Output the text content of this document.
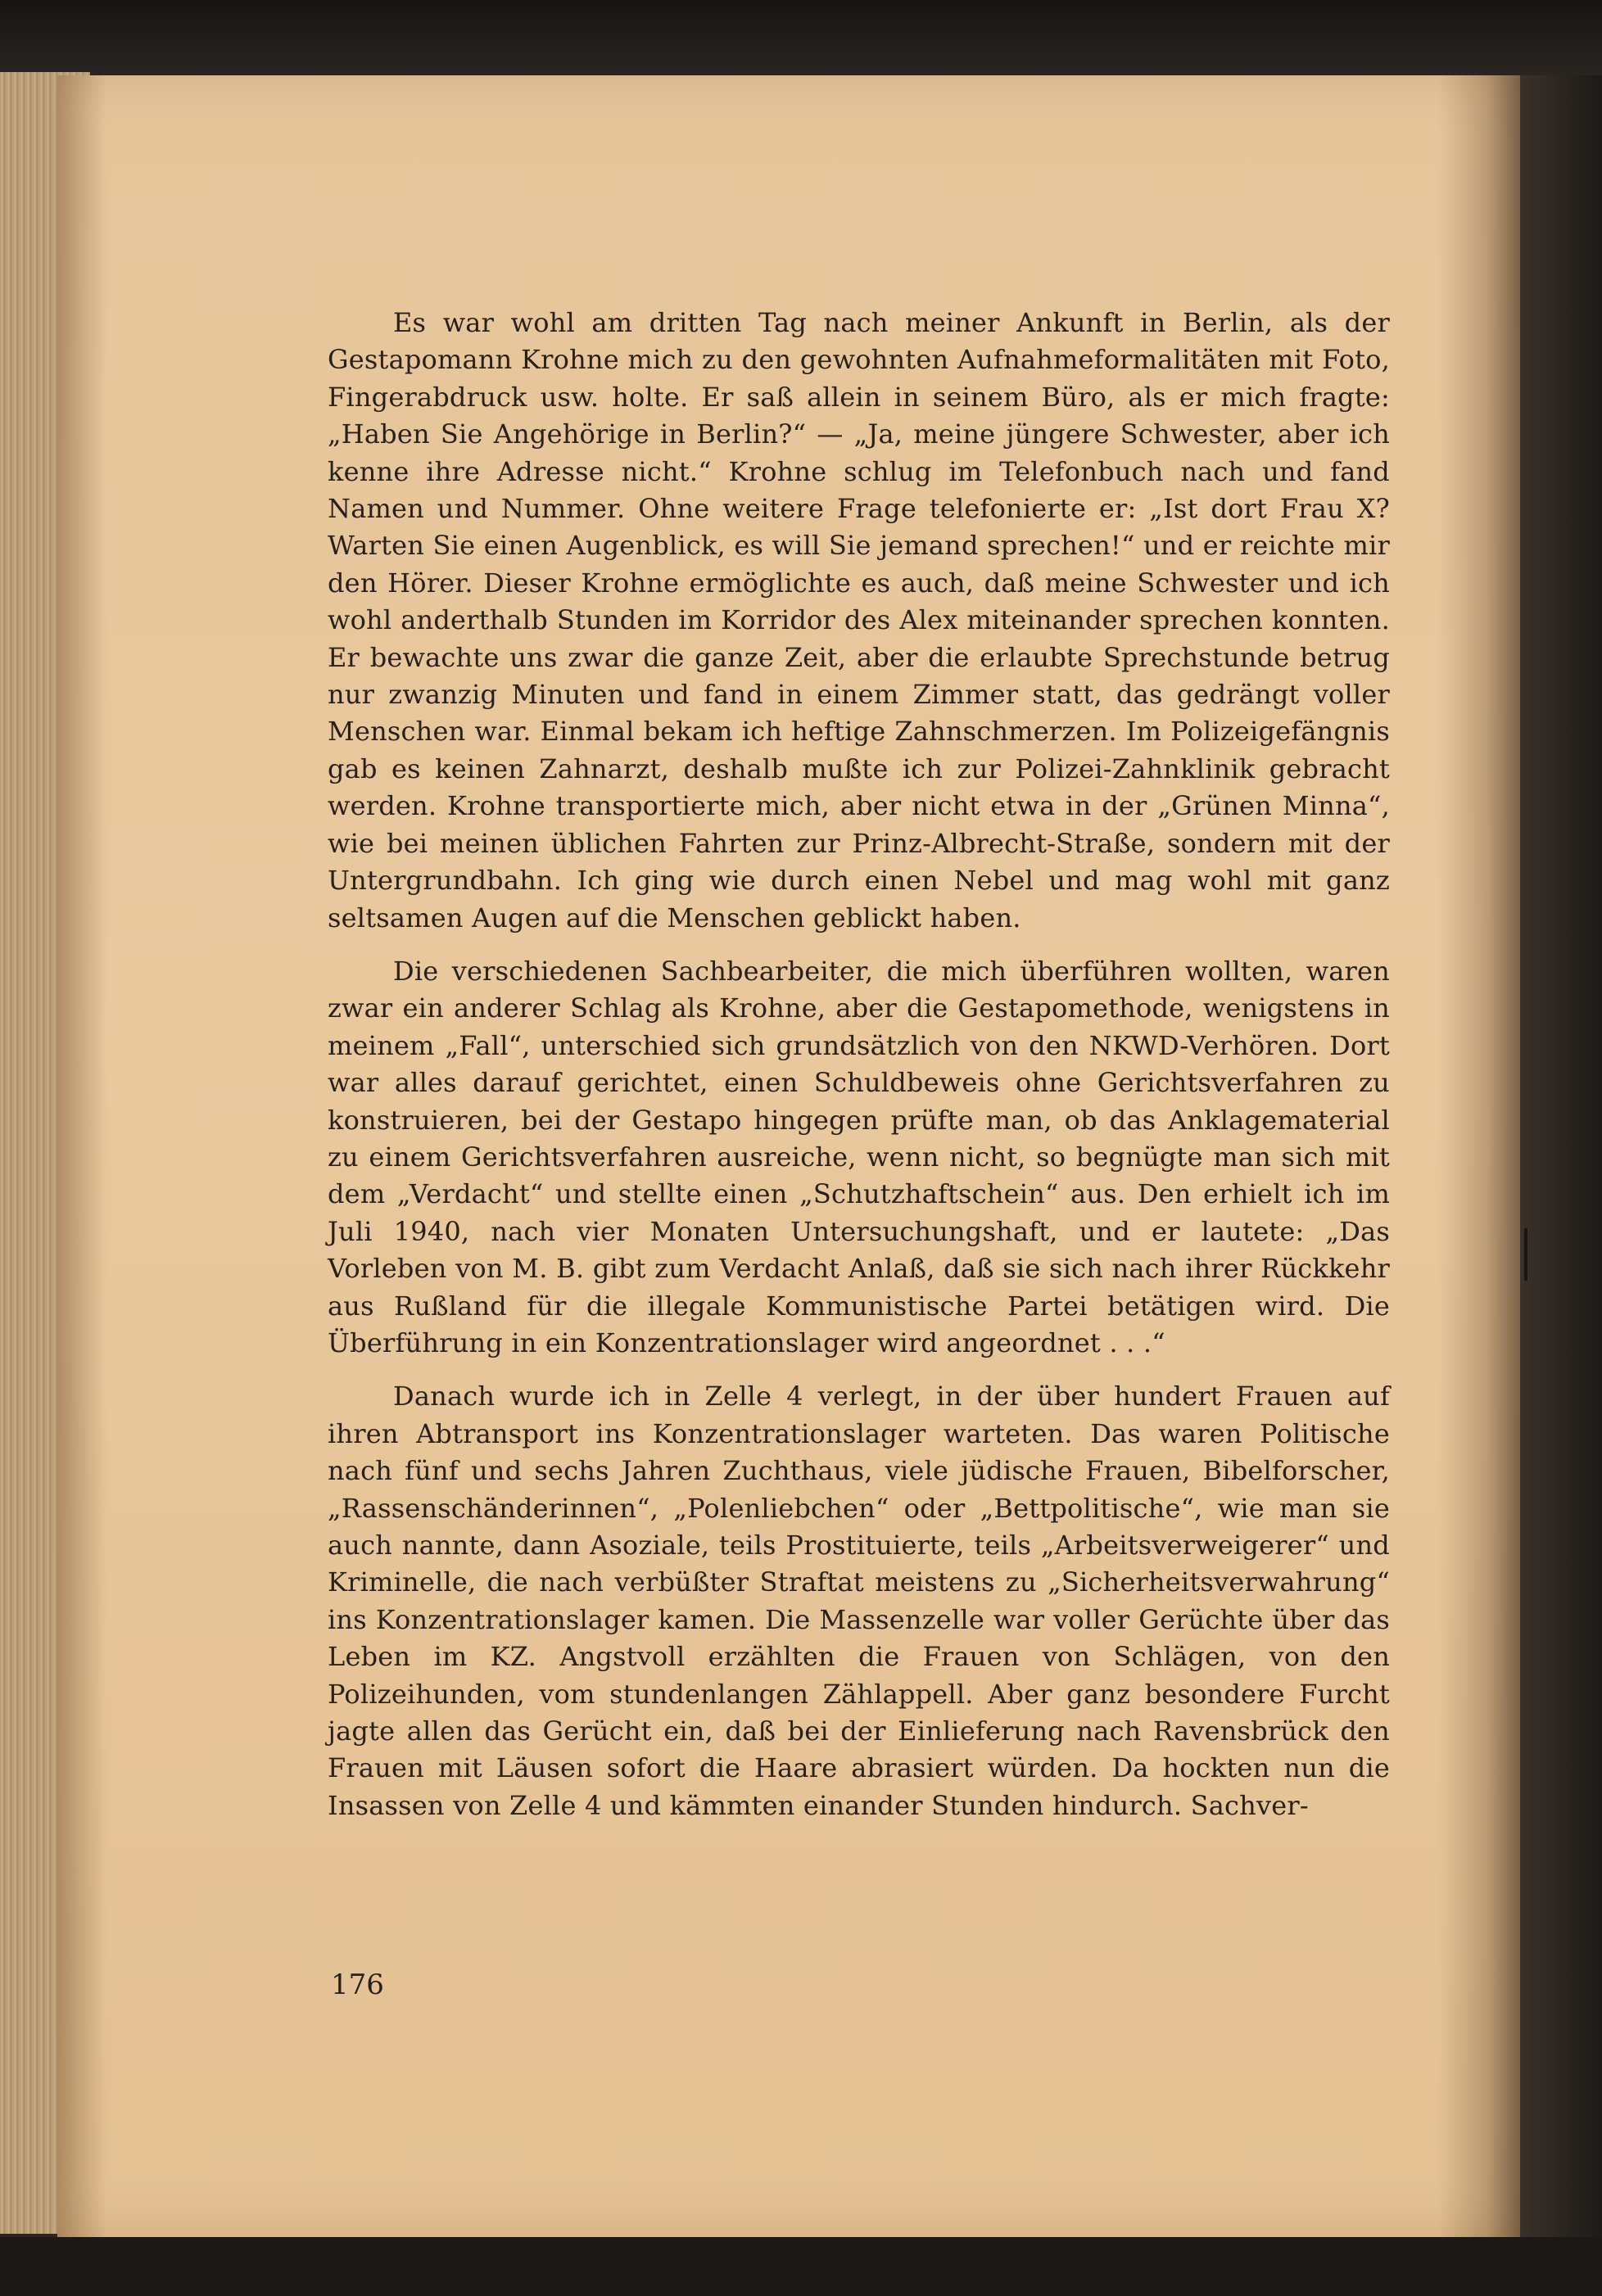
Es war wohl am dritten Tag nach meiner Ankunft in Berlin, als der Gestapomann Krohne mich zu den gewohnten Aufnahmeformalitäten mit Foto, Fingerabdruck usw. holte. Er saß allein in seinem Büro, als er mich fragte: „Haben Sie Angehörige in Berlin?“ — „Ja, meine jüngere Schwester, aber ich kenne ihre Adresse nicht.“ Krohne schlug im Telefonbuch nach und fand Namen und Nummer. Ohne weitere Frage telefonierte er: „Ist dort Frau X? Warten Sie einen Augenblick, es will Sie jemand sprechen!“ und er reichte mir den Hörer. Dieser Krohne ermöglichte es auch, daß meine Schwester und ich wohl anderthalb Stunden im Korridor des Alex miteinander sprechen konnten. Er bewachte uns zwar die ganze Zeit, aber die erlaubte Sprechstunde betrug nur zwanzig Minuten und fand in einem Zimmer statt, das gedrängt voller Menschen war. Einmal bekam ich heftige Zahnschmerzen. Im Polizeigefängnis gab es keinen Zahnarzt, deshalb mußte ich zur Polizei-Zahnklinik gebracht werden. Krohne transportierte mich, aber nicht etwa in der „Grünen Minna“, wie bei meinen üblichen Fahrten zur Prinz-Albrecht-Straße, sondern mit der Untergrundbahn. Ich ging wie durch einen Nebel und mag wohl mit ganz seltsamen Augen auf die Menschen geblickt haben.

Die verschiedenen Sachbearbeiter, die mich überführen wollten, waren zwar ein anderer Schlag als Krohne, aber die Gestapomethode, wenigstens in meinem „Fall“, unterschied sich grundsätzlich von den NKWD-Verhören. Dort war alles darauf gerichtet, einen Schuldbeweis ohne Gerichtsverfahren zu konstruieren, bei der Gestapo hingegen prüfte man, ob das Anklagematerial zu einem Gerichtsverfahren ausreiche, wenn nicht, so begnügte man sich mit dem „Verdacht“ und stellte einen „Schutzhaftschein“ aus. Den erhielt ich im Juli 1940, nach vier Monaten Untersuchungshaft, und er lautete: „Das Vorleben von M. B. gibt zum Verdacht Anlaß, daß sie sich nach ihrer Rückkehr aus Rußland für die illegale Kommunistische Partei betätigen wird. Die Überführung in ein Konzentrationslager wird angeordnet . . .“

Danach wurde ich in Zelle 4 verlegt, in der über hundert Frauen auf ihren Abtransport ins Konzentrationslager warteten. Das waren Politische nach fünf und sechs Jahren Zuchthaus, viele jüdische Frauen, Bibelforscher, „Rassenschänderinnen“, „Polenliebchen“ oder „Bettpolitische“, wie man sie auch nannte, dann Asoziale, teils Prostituierte, teils „Arbeitsverweigerer“ und Kriminelle, die nach verbüßter Straftat meistens zu „Sicherheitsverwahrung“ ins Konzentrationslager kamen. Die Massenzelle war voller Gerüchte über das Leben im KZ. Angstvoll erzählten die Frauen von Schlägen, von den Polizeihunden, vom stundenlangen Zählappell. Aber ganz besondere Furcht jagte allen das Gerücht ein, daß bei der Einlieferung nach Ravensbrück den Frauen mit Läusen sofort die Haare abrasiert würden. Da hockten nun die Insassen von Zelle 4 und kämmten einander Stunden hindurch. Sachver-

176
